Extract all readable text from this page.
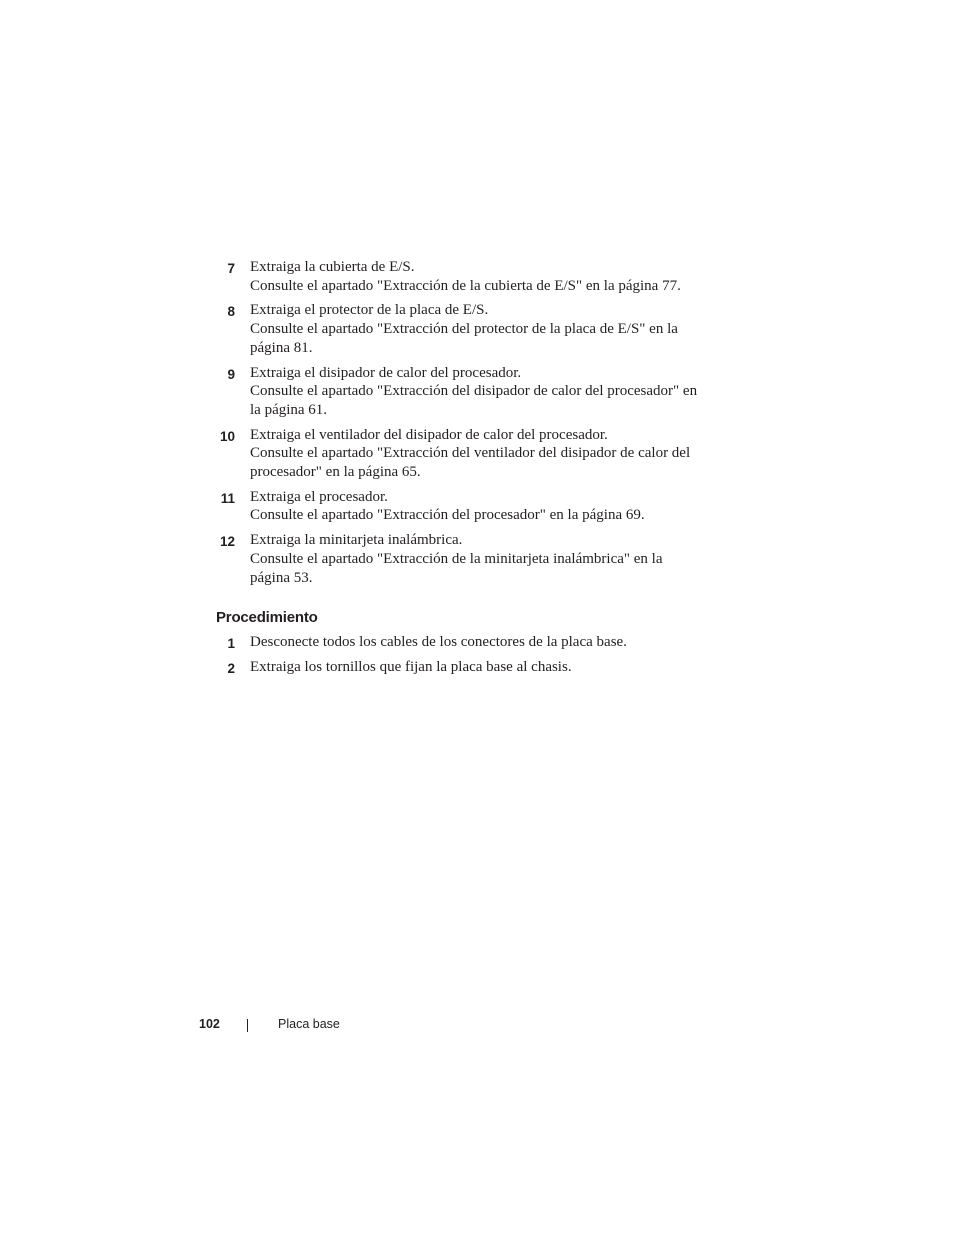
1. 7 Extraiga la cubierta de E/S.
Consulte el apartado "Extracción de la cubierta de E/S" en la página 77.
2. 8 Extraiga el protector de la placa de E/S.
Consulte el apartado "Extracción del protector de la placa de E/S" en la
página 81.
3. 9 Extraiga el disipador de calor del procesador.
Consulte el apartado "Extracción del disipador de calor del procesador" en
la página 61.
4. 10 Extraiga el ventilador del disipador de calor del procesador.
Consulte el apartado "Extracción del ventilador del disipador de calor del
procesador" en la página 65.
5. 11 Extraiga el procesador.
Consulte el apartado "Extracción del procesador" en la página 69.
6. 12 Extraiga la minitarjeta inalámbrica.
Consulte el apartado "Extracción de la minitarjeta inalámbrica" en la
página 53.
Procedimiento
1. 1 Desconecte todos los cables de los conectores de la placa base.
2. 2 Extraiga los tornillos que fijan la placa base al chasis.
102	Placa base
